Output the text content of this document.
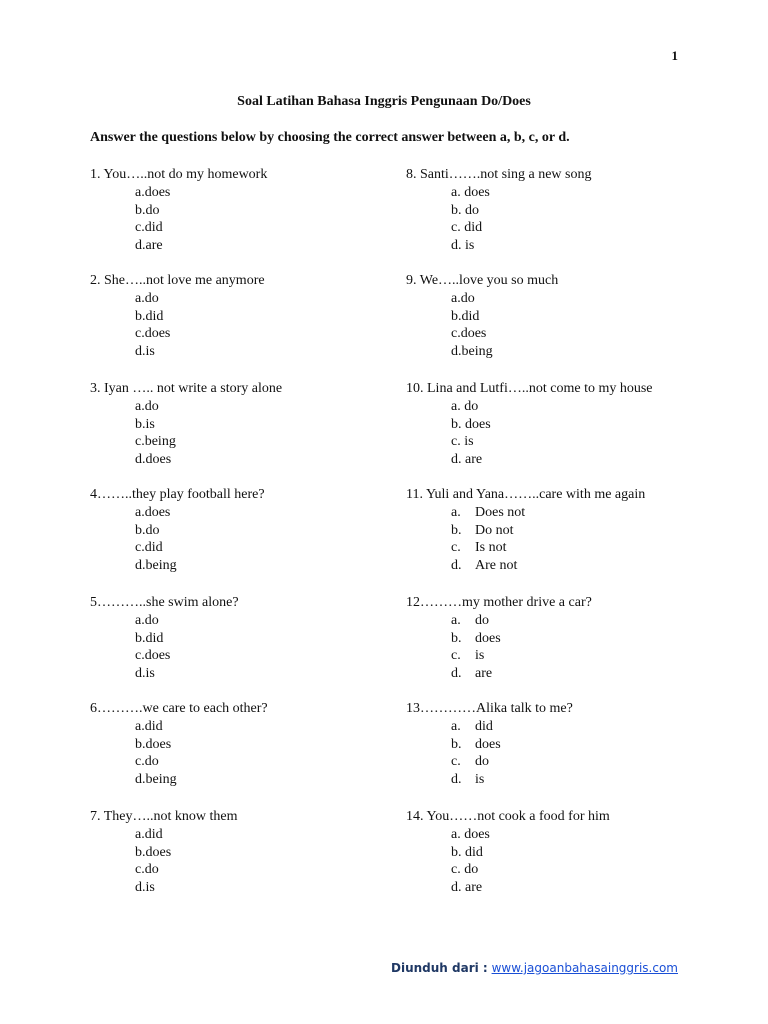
1
Soal Latihan Bahasa Inggris Pengunaan Do/Does
Answer the questions below by choosing the correct answer between a, b, c, or d.
1. You…..not do my homework
a.does
b.do
c.did
d.are
2. She…..not love me anymore
a.do
b.did
c.does
d.is
3. Iyan ….. not write a story alone
a.do
b.is
c.being
d.does
4……..they play football here?
a.does
b.do
c.did
d.being
5………..she swim alone?
a.do
b.did
c.does
d.is
6……….we care to each other?
a.did
b.does
c.do
d.being
7. They…..not know them
a.did
b.does
c.do
d.is
8. Santi…….not sing a new song
a. does
b. do
c. did
d. is
9. We…..love you so much
a.do
b.did
c.does
d.being
10. Lina and Lutfi…..not come to my house
a. do
b. does
c. is
d. are
11. Yuli and Yana……..care with me again
a. Does not
b. Do not
c. Is not
d. Are not
12………my mother drive a car?
a. do
b. does
c. is
d. are
13…………Alika talk to me?
a. did
b. does
c. do
d. is
14. You……not cook a food for him
a. does
b. did
c. do
d. are
Diunduh dari : www.jagoanbahasainggris.com
